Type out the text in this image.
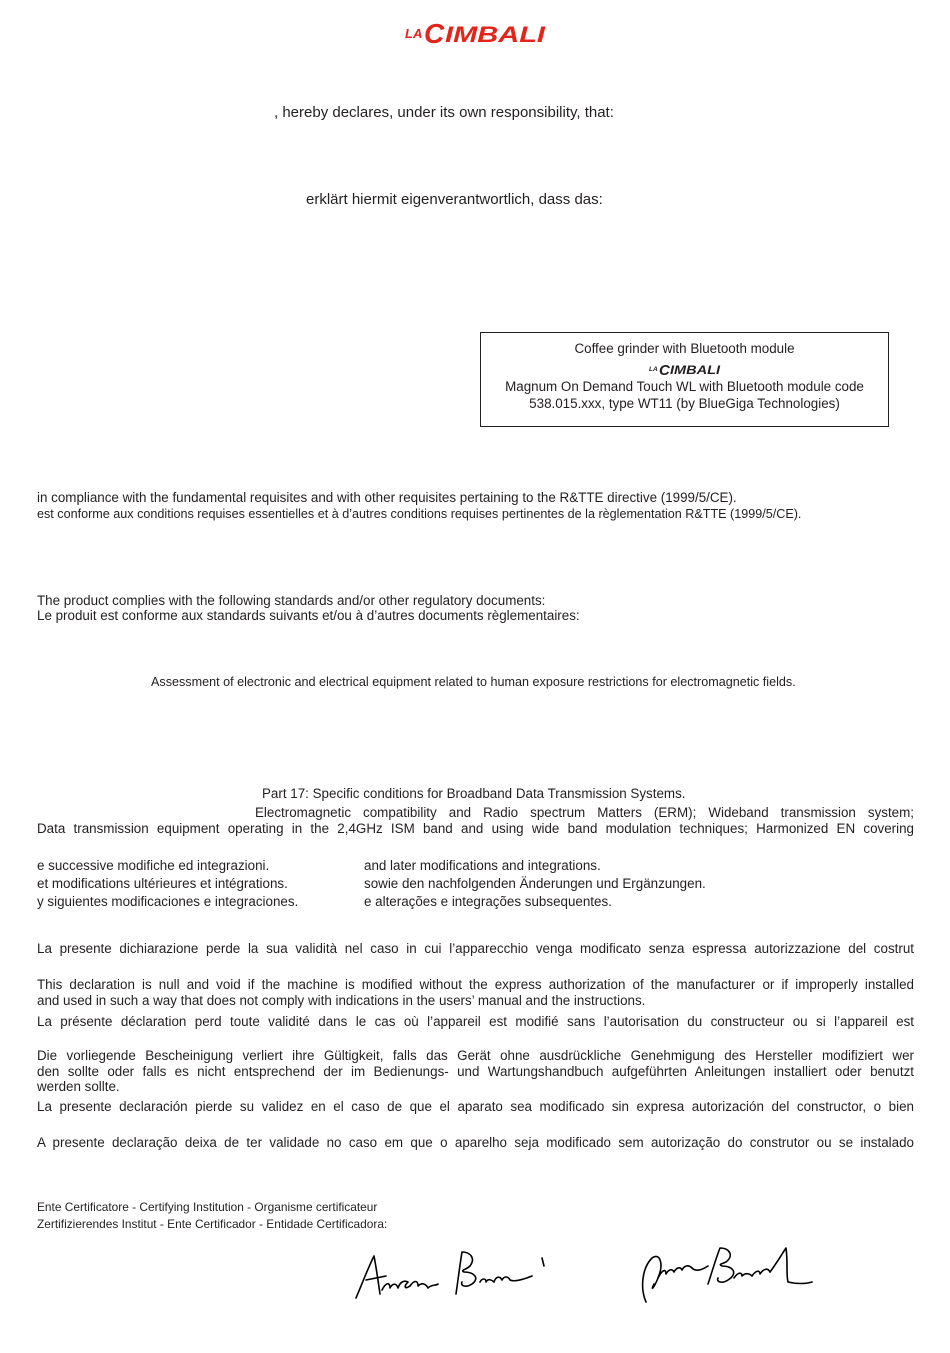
LA C IMBALI
, hereby declares, under its own responsibility, that:
erklärt hiermit eigenverantwortlich, dass das:
Coffee grinder with Bluetooth module
LA C IMBALI
Magnum On Demand Touch WL with Bluetooth module code
538.015.xxx, type WT11 (by BlueGiga Technologies)
in compliance with the fundamental requisites and with other requisites pertaining to the R&TTE directive (1999/5/CE).
est conforme aux conditions requises essentielles et à d’autres conditions requises pertinentes de la règlementation R&TTE (1999/5/CE).
The product complies with the following standards and/or other regulatory documents:
Le produit est conforme aux standards suivants et/ou à d’autres documents règlementaires:
Assessment of electronic and electrical equipment related to human exposure restrictions for electromagnetic fields.
Part 17: Specific conditions for Broadband Data Transmission Systems.
Electromagnetic compatibility and Radio spectrum Matters (ERM); Wideband transmission system;
Data transmission equipment operating in the 2,4GHz ISM band and using wide band modulation techniques; Harmonized EN covering
e successive modifiche ed integrazioni.
et modifications ultérieures et intégrations.
y siguientes modificaciones e integraciones.
and later modifications and integrations.
sowie den nachfolgenden Änderungen und Ergänzungen.
e alterações e integrações subsequentes.
La presente dichiarazione perde la sua validità nel caso in cui l’apparecchio venga modificato senza espressa autorizzazione del costrut
This declaration is null and void if the machine is modified without the express authorization of the manufacturer or if improperly installed
and used in such a way that does not comply with indications in the users’ manual and the instructions.
La présente déclaration perd toute validité dans le cas où l’appareil est modifié sans l’autorisation du constructeur ou si l’appareil est
Die vorliegende Bescheinigung verliert ihre Gültigkeit, falls das Gerät ohne ausdrückliche Genehmigung des Hersteller modifiziert wer
den sollte oder falls es nicht entsprechend der im Bedienungs- und Wartungshandbuch aufgeführten Anleitungen installiert oder benutzt
werden sollte.
La presente declaración pierde su validez en el caso de que el aparato sea modificado sin expresa autorización del constructor, o bien
A presente declaração deixa de ter validade no caso em que o aparelho seja modificado sem autorização do construtor ou se instalado
Ente Certificatore - Certifying Institution - Organisme certificateur
Zertifizierendes Institut - Ente Certificador - Entidade Certificadora:
